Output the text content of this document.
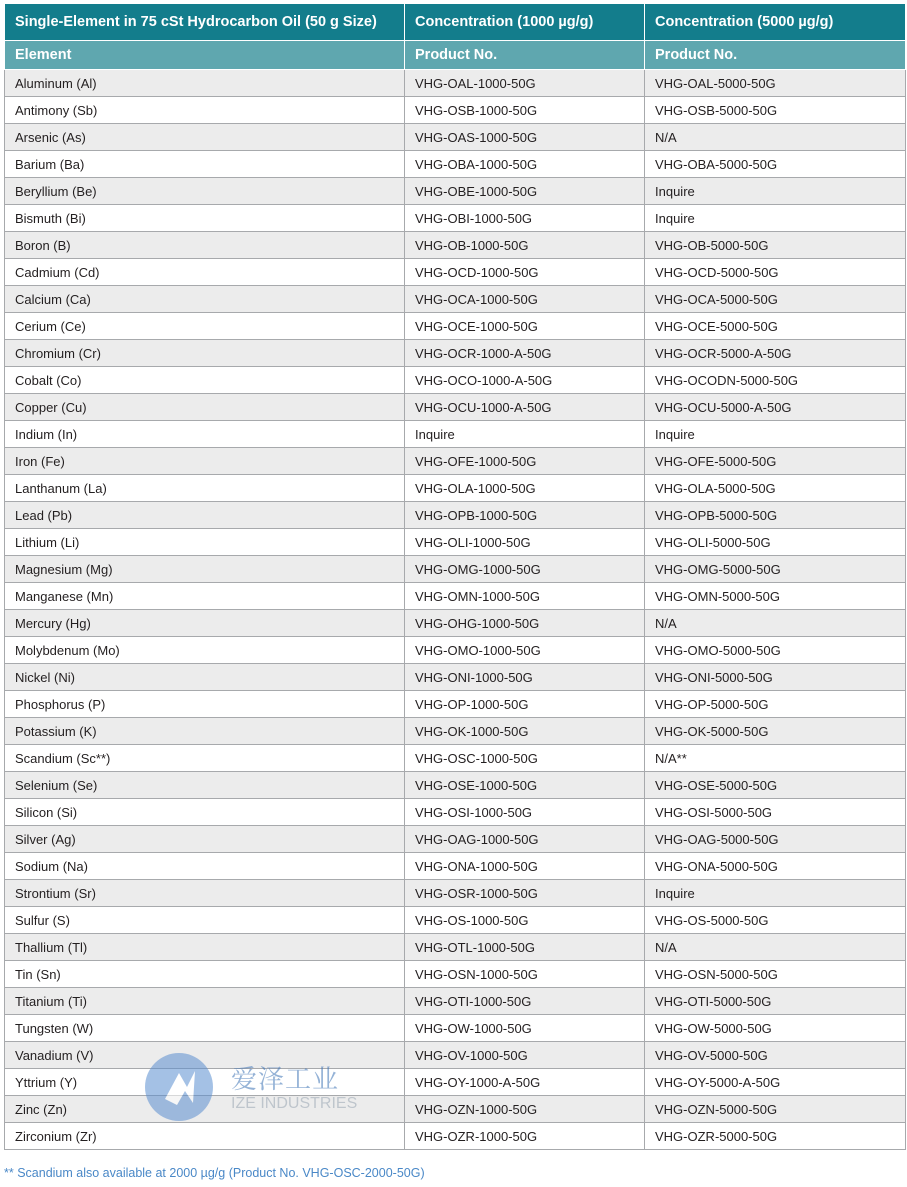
Single-Element in 75 cSt Hydrocarbon Oil (50 g Size)	Concentration (1000 µg/g)	Concentration (5000 µg/g)
Element	Product No.	Product No.
Aluminum (Al)	VHG-OAL-1000-50G	VHG-OAL-5000-50G
Antimony (Sb)	VHG-OSB-1000-50G	VHG-OSB-5000-50G
Arsenic (As)	VHG-OAS-1000-50G	N/A
Barium (Ba)	VHG-OBA-1000-50G	VHG-OBA-5000-50G
Beryllium (Be)	VHG-OBE-1000-50G	Inquire
Bismuth (Bi)	VHG-OBI-1000-50G	Inquire
Boron (B)	VHG-OB-1000-50G	VHG-OB-5000-50G
Cadmium (Cd)	VHG-OCD-1000-50G	VHG-OCD-5000-50G
Calcium (Ca)	VHG-OCA-1000-50G	VHG-OCA-5000-50G
Cerium (Ce)	VHG-OCE-1000-50G	VHG-OCE-5000-50G
Chromium (Cr)	VHG-OCR-1000-A-50G	VHG-OCR-5000-A-50G
Cobalt (Co)	VHG-OCO-1000-A-50G	VHG-OCODN-5000-50G
Copper (Cu)	VHG-OCU-1000-A-50G	VHG-OCU-5000-A-50G
Indium (In)	Inquire	Inquire
Iron (Fe)	VHG-OFE-1000-50G	VHG-OFE-5000-50G
Lanthanum (La)	VHG-OLA-1000-50G	VHG-OLA-5000-50G
Lead (Pb)	VHG-OPB-1000-50G	VHG-OPB-5000-50G
Lithium (Li)	VHG-OLI-1000-50G	VHG-OLI-5000-50G
Magnesium (Mg)	VHG-OMG-1000-50G	VHG-OMG-5000-50G
Manganese (Mn)	VHG-OMN-1000-50G	VHG-OMN-5000-50G
Mercury (Hg)	VHG-OHG-1000-50G	N/A
Molybdenum (Mo)	VHG-OMO-1000-50G	VHG-OMO-5000-50G
Nickel (Ni)	VHG-ONI-1000-50G	VHG-ONI-5000-50G
Phosphorus (P)	VHG-OP-1000-50G	VHG-OP-5000-50G
Potassium (K)	VHG-OK-1000-50G	VHG-OK-5000-50G
Scandium (Sc**)	VHG-OSC-1000-50G	N/A**
Selenium (Se)	VHG-OSE-1000-50G	VHG-OSE-5000-50G
Silicon (Si)	VHG-OSI-1000-50G	VHG-OSI-5000-50G
Silver (Ag)	VHG-OAG-1000-50G	VHG-OAG-5000-50G
Sodium (Na)	VHG-ONA-1000-50G	VHG-ONA-5000-50G
Strontium (Sr)	VHG-OSR-1000-50G	Inquire
Sulfur (S)	VHG-OS-1000-50G	VHG-OS-5000-50G
Thallium (Tl)	VHG-OTL-1000-50G	N/A
Tin (Sn)	VHG-OSN-1000-50G	VHG-OSN-5000-50G
Titanium (Ti)	VHG-OTI-1000-50G	VHG-OTI-5000-50G
Tungsten (W)	VHG-OW-1000-50G	VHG-OW-5000-50G
Vanadium (V)	VHG-OV-1000-50G	VHG-OV-5000-50G
Yttrium (Y)	VHG-OY-1000-A-50G	VHG-OY-5000-A-50G
Zinc (Zn)	VHG-OZN-1000-50G	VHG-OZN-5000-50G
Zirconium (Zr)	VHG-OZR-1000-50G	VHG-OZR-5000-50G
爱泽工业
IZE INDUSTRIES
** Scandium also available at 2000 µg/g (Product No. VHG-OSC-2000-50G)
